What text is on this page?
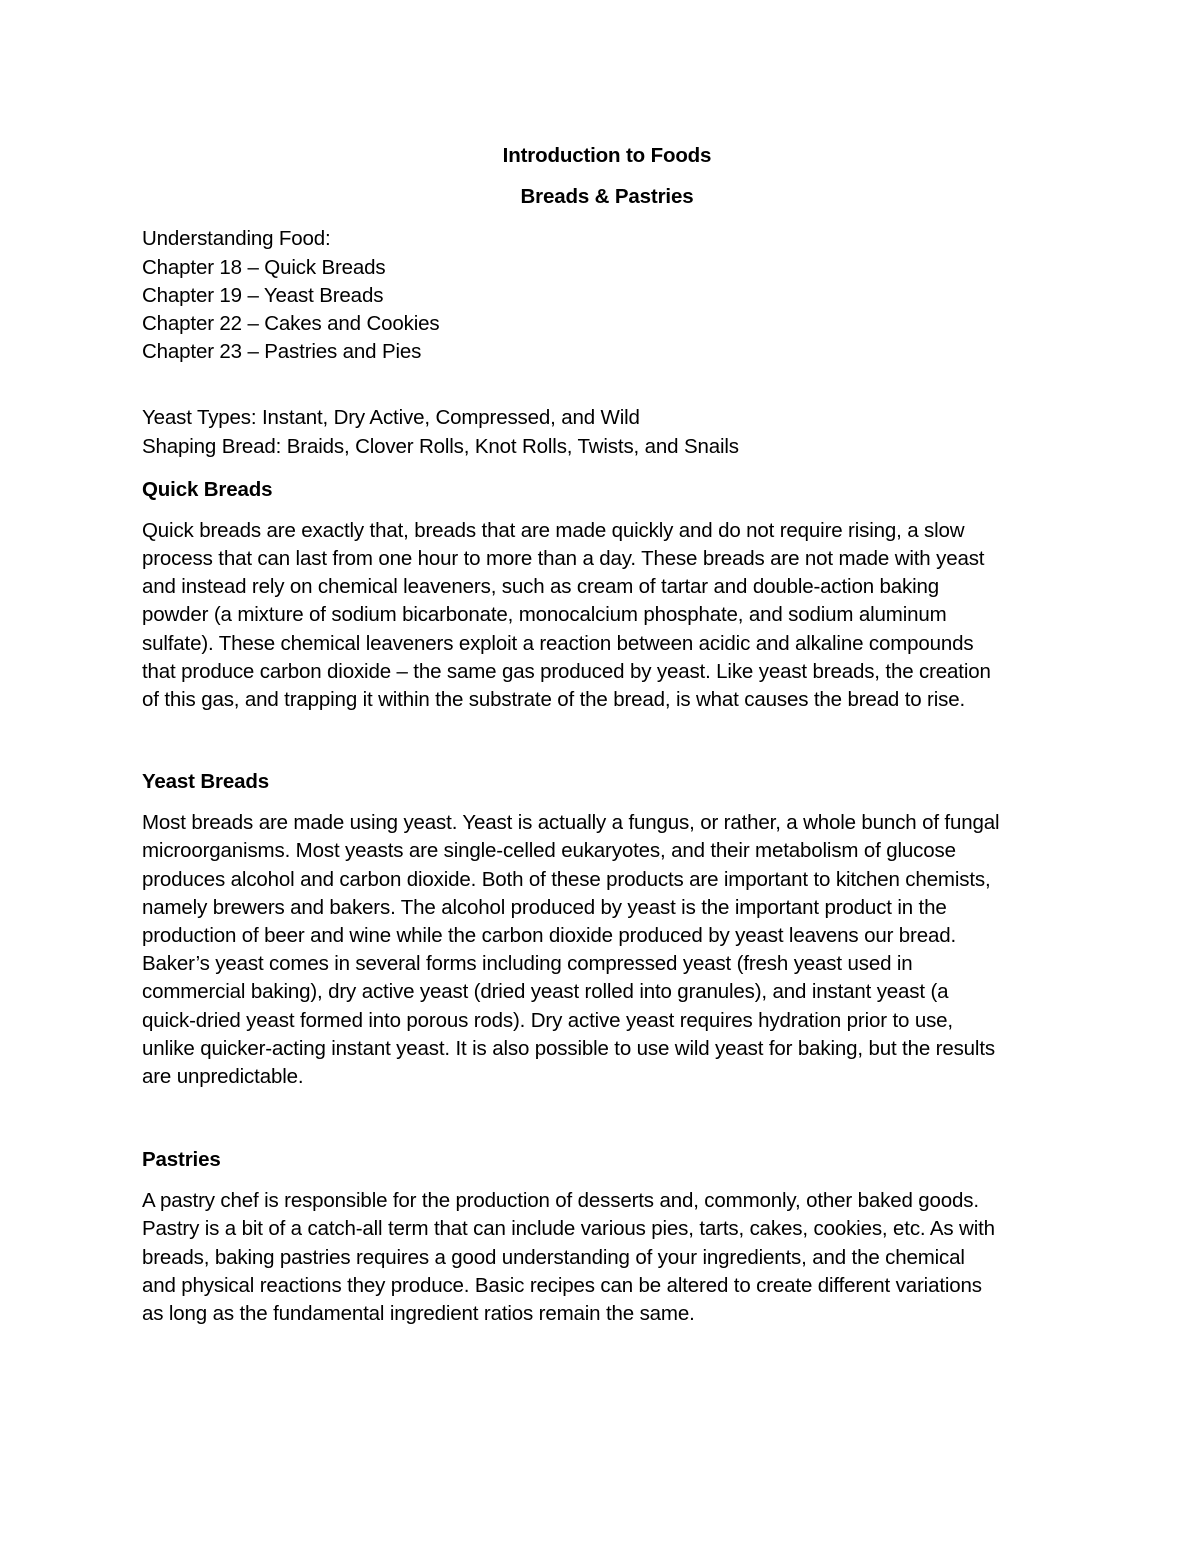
Introduction to Foods

Breads & Pastries

Understanding Food:
Chapter 18 – Quick Breads
Chapter 19 – Yeast Breads
Chapter 22 – Cakes and Cookies
Chapter 23 – Pastries and Pies
Yeast Types: Instant, Dry Active, Compressed, and Wild
Shaping Bread: Braids, Clover Rolls, Knot Rolls, Twists, and Snails
Quick Breads

Quick breads are exactly that, breads that are made quickly and do not require rising, a slow
process that can last from one hour to more than a day. These breads are not made with yeast
and instead rely on chemical leaveners, such as cream of tartar and double-action baking
powder (a mixture of sodium bicarbonate, monocalcium phosphate, and sodium aluminum
sulfate). These chemical leaveners exploit a reaction between acidic and alkaline compounds
that produce carbon dioxide – the same gas produced by yeast. Like yeast breads, the creation
of this gas, and trapping it within the substrate of the bread, is what causes the bread to rise.

Yeast Breads

Most breads are made using yeast. Yeast is actually a fungus, or rather, a whole bunch of fungal
microorganisms. Most yeasts are single-celled eukaryotes, and their metabolism of glucose
produces alcohol and carbon dioxide. Both of these products are important to kitchen chemists,
namely brewers and bakers. The alcohol produced by yeast is the important product in the
production of beer and wine while the carbon dioxide produced by yeast leavens our bread.
Baker’s yeast comes in several forms including compressed yeast (fresh yeast used in
commercial baking), dry active yeast (dried yeast rolled into granules), and instant yeast (a
quick-dried yeast formed into porous rods). Dry active yeast requires hydration prior to use,
unlike quicker-acting instant yeast. It is also possible to use wild yeast for baking, but the results
are unpredictable.

Pastries

A pastry chef is responsible for the production of desserts and, commonly, other baked goods.
Pastry is a bit of a catch-all term that can include various pies, tarts, cakes, cookies, etc. As with
breads, baking pastries requires a good understanding of your ingredients, and the chemical
and physical reactions they produce. Basic recipes can be altered to create different variations
as long as the fundamental ingredient ratios remain the same.
